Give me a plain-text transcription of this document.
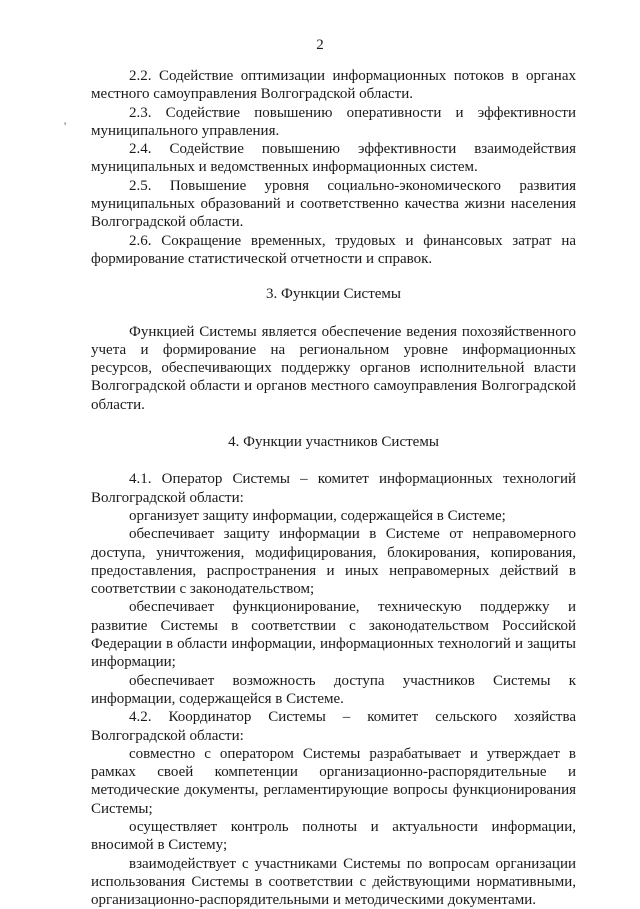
2
'

2.2. Содействие оптимизации информационных потоков в органах местного самоуправления Волгоградской области.

2.3. Содействие повышению оперативности и эффективности муниципального управления.

2.4. Содействие повышению эффективности взаимодействия муниципальных и ведомственных информационных систем.

2.5. Повышение уровня социально-экономического развития муниципальных образований и соответственно качества жизни населения Волгоградской области.

2.6. Сокращение временных, трудовых и финансовых затрат на формирование статистической отчетности и справок.

3. Функции Системы

Функцией Системы является обеспечение ведения похозяйственного учета и формирование на региональном уровне информационных ресурсов, обеспечивающих поддержку органов исполнительной власти Волгоградской области и органов местного самоуправления Волгоградской области.

4. Функции участников Системы

4.1. Оператор Системы – комитет информационных технологий Волгоградской области:

организует защиту информации, содержащейся в Системе;

обеспечивает защиту информации в Системе от неправомерного доступа, уничтожения, модифицирования, блокирования, копирования, предоставления, распространения и иных неправомерных действий в соответствии с законодательством;

обеспечивает функционирование, техническую поддержку и развитие Системы в соответствии с законодательством Российской Федерации в области информации, информационных технологий и защиты информации;

обеспечивает возможность доступа участников Системы к информации, содержащейся в Системе.

4.2. Координатор Системы – комитет сельского хозяйства Волгоградской области:

совместно с оператором Системы разрабатывает и утверждает в рамках своей компетенции организационно-распорядительные и методические документы, регламентирующие вопросы функционирования Системы;

осуществляет контроль полноты и актуальности информации, вносимой в Систему;

взаимодействует с участниками Системы по вопросам организации использования Системы в соответствии с действующими нормативными, организационно-распорядительными и методическими документами.
